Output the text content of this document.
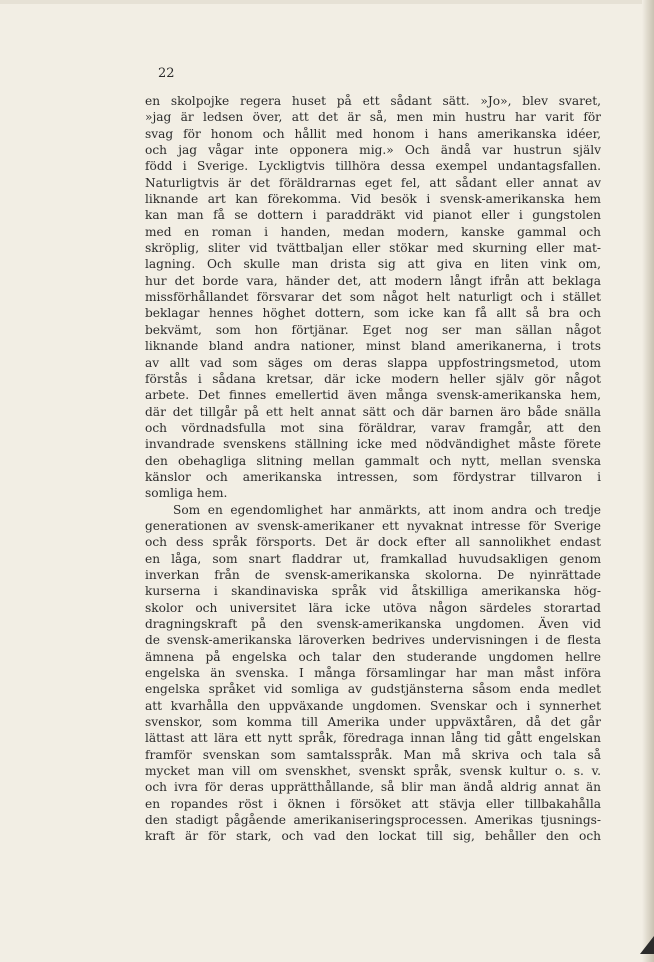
22

en skolpojke regera huset på ett sådant sätt. »Jo», blev svaret,
»jag är ledsen över, att det är så, men min hustru har varit för
svag för honom och hållit med honom i hans amerikanska idéer,
och jag vågar inte opponera mig.» Och ändå var hustrun själv
född i Sverige. Lyckligtvis tillhöra dessa exempel undantagsfallen.
Naturligtvis är det föräldrarnas eget fel, att sådant eller annat av
liknande art kan förekomma. Vid besök i svensk-amerikanska hem
kan man få se dottern i paraddräkt vid pianot eller i gungstolen
med en roman i handen, medan modern, kanske gammal och
skröplig, sliter vid tvättbaljan eller stökar med skurning eller mat-
lagning. Och skulle man drista sig att giva en liten vink om,
hur det borde vara, händer det, att modern långt ifrån att beklaga
missförhållandet försvarar det som något helt naturligt och i stället
beklagar hennes höghet dottern, som icke kan få allt så bra och
bekvämt, som hon förtjänar. Eget nog ser man sällan något
liknande bland andra nationer, minst bland amerikanerna, i trots
av allt vad som säges om deras slappa uppfostringsmetod, utom
förstås i sådana kretsar, där icke modern heller själv gör något
arbete. Det finnes emellertid även många svensk-amerikanska hem,
där det tillgår på ett helt annat sätt och där barnen äro både snälla
och vördnadsfulla mot sina föräldrar, varav framgår, att den
invandrade svenskens ställning icke med nödvändighet måste förete
den obehagliga slitning mellan gammalt och nytt, mellan svenska
känslor och amerikanska intressen, som fördystrar tillvaron i
somliga hem.
Som en egendomlighet har anmärkts, att inom andra och tredje
generationen av svensk-amerikaner ett nyvaknat intresse för Sverige
och dess språk försports. Det är dock efter all sannolikhet endast
en låga, som snart fladdrar ut, framkallad huvudsakligen genom
inverkan från de svensk-amerikanska skolorna. De nyinrättade
kurserna i skandinaviska språk vid åtskilliga amerikanska hög-
skolor och universitet lära icke utöva någon särdeles storartad
dragningskraft på den svensk-amerikanska ungdomen. Även vid
de svensk-amerikanska läroverken bedrives undervisningen i de flesta
ämnena på engelska och talar den studerande ungdomen hellre
engelska än svenska. I många församlingar har man måst införa
engelska språket vid somliga av gudstjänsterna såsom enda medlet
att kvarhålla den uppväxande ungdomen. Svenskar och i synnerhet
svenskor, som komma till Amerika under uppväxtåren, då det går
lättast att lära ett nytt språk, föredraga innan lång tid gått engelskan
framför svenskan som samtalsspråk. Man må skriva och tala så
mycket man vill om svenskhet, svenskt språk, svensk kultur o. s. v.
och ivra för deras upprätthållande, så blir man ändå aldrig annat än
en ropandes röst i öknen i försöket att stävja eller tillbakahålla
den stadigt pågående amerikaniseringsprocessen. Amerikas tjusnings-
kraft är för stark, och vad den lockat till sig, behåller den och
